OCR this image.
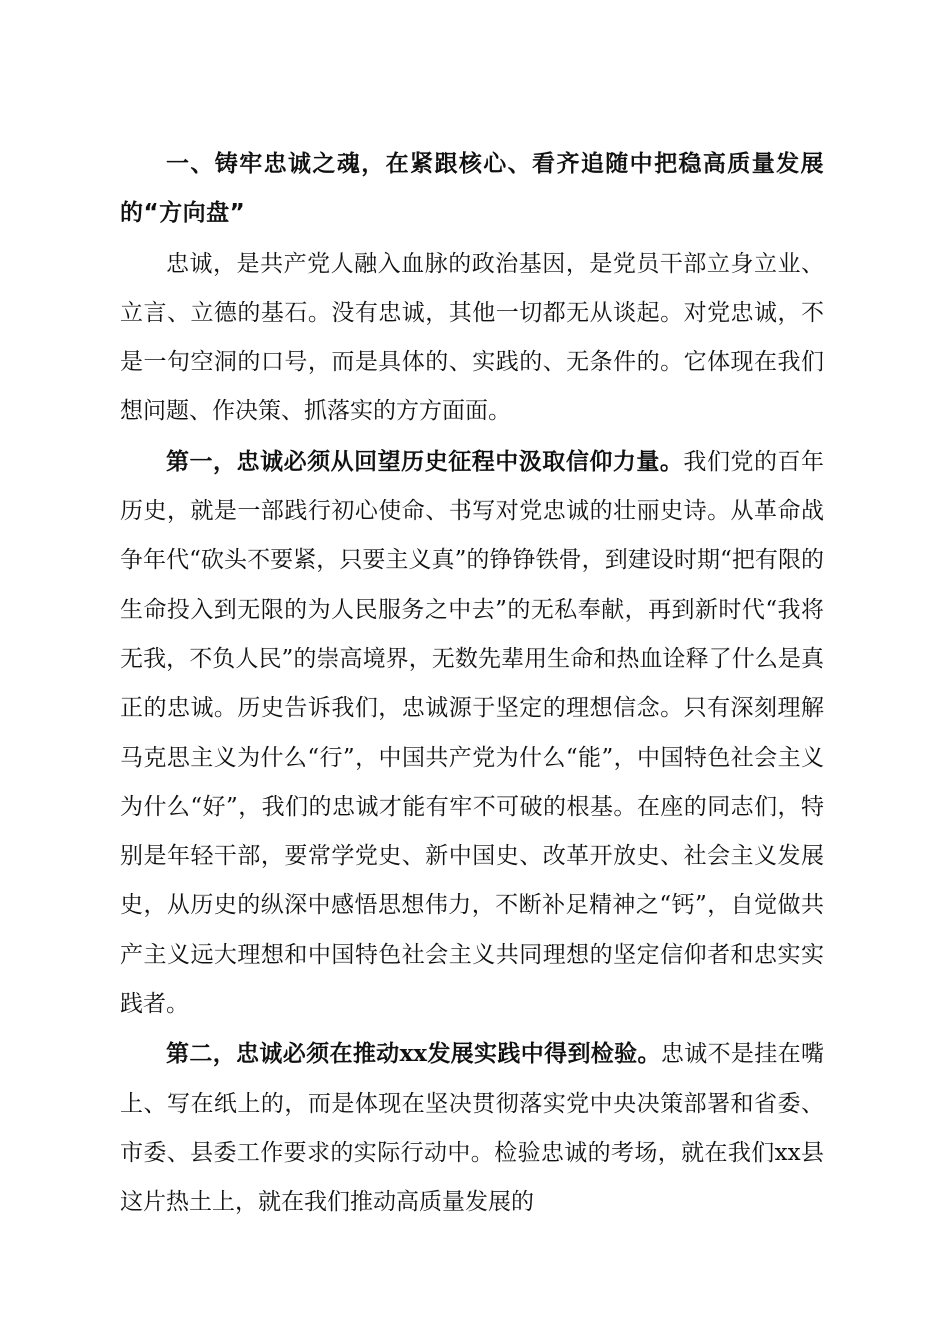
一、铸牢忠诚之魂，在紧跟核心、看齐追随中把稳高质量发展的“方向盘”

忠诚，是共产党人融入血脉的政治基因，是党员干部立身立业、立言、立德的基石。没有忠诚，其他一切都无从谈起。对党忠诚，不是一句空洞的口号，而是具体的、实践的、无条件的。它体现在我们想问题、作决策、抓落实的方方面面。

第一，忠诚必须从回望历史征程中汲取信仰力量。我们党的百年历史，就是一部践行初心使命、书写对党忠诚的壮丽史诗。从革命战争年代“砍头不要紧，只要主义真”的铮铮铁骨，到建设时期“把有限的生命投入到无限的为人民服务之中去”的无私奉献，再到新时代“我将无我，不负人民”的崇高境界，无数先辈用生命和热血诠释了什么是真正的忠诚。历史告诉我们，忠诚源于坚定的理想信念。只有深刻理解马克思主义为什么“行”，中国共产党为什么“能”，中国特色社会主义为什么“好”，我们的忠诚才能有牢不可破的根基。在座的同志们，特别是年轻干部，要常学党史、新中国史、改革开放史、社会主义发展史，从历史的纵深中感悟思想伟力，不断补足精神之“钙”，自觉做共产主义远大理想和中国特色社会主义共同理想的坚定信仰者和忠实实践者。

第二，忠诚必须在推动xx发展实践中得到检验。忠诚不是挂在嘴上、写在纸上的，而是体现在坚决贯彻落实党中央决策部署和省委、市委、县委工作要求的实际行动中。检验忠诚的考场，就在我们xx县这片热土上，就在我们推动高质量发展的
